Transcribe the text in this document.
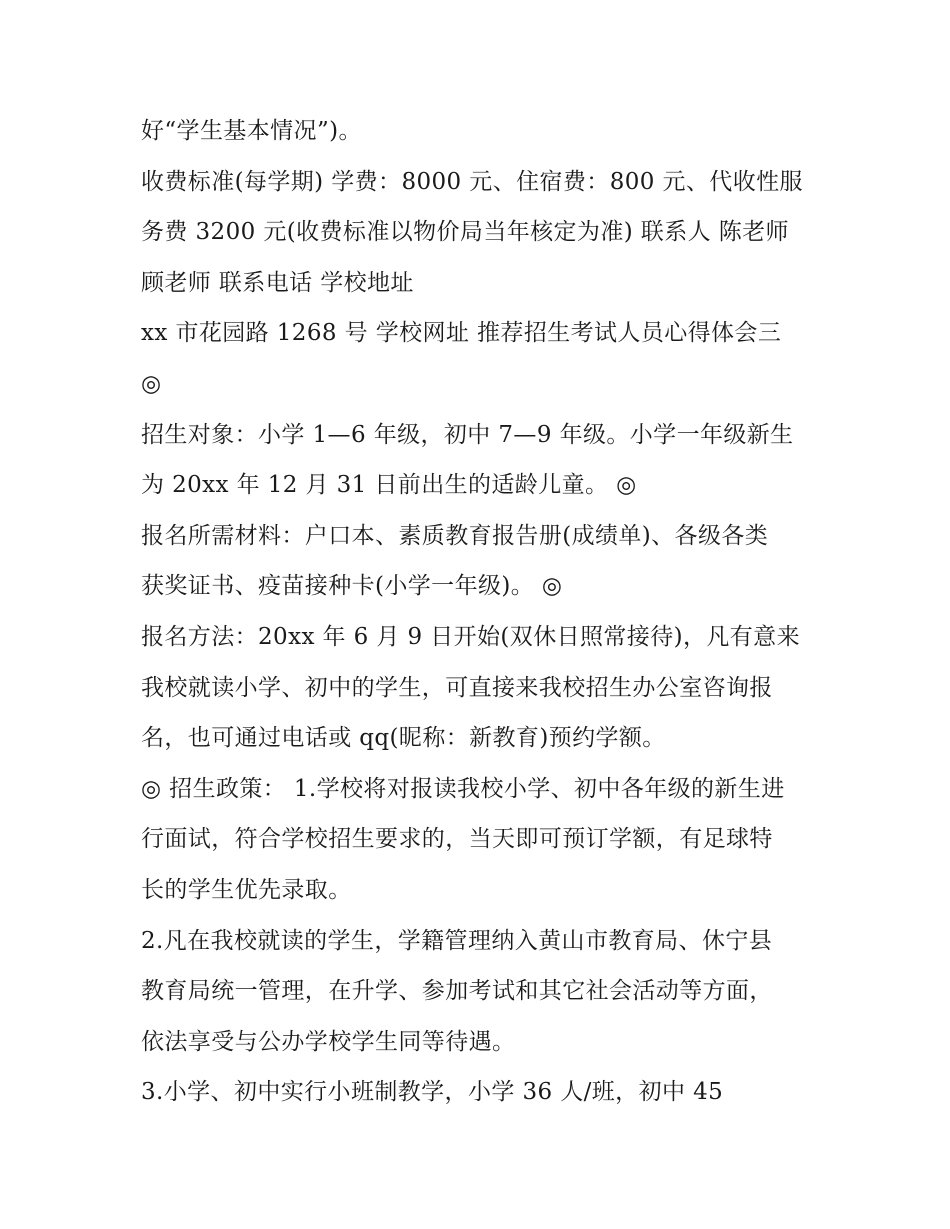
好“学生基本情况”)。
收费标准(每学期) 学费：8000 元、住宿费：800 元、代收性服
务费 3200 元(收费标准以物价局当年核定为准) 联系人 陈老师
顾老师 联系电话 学校地址
xx 市花园路 1268 号 学校网址 推荐招生考试人员心得体会三
◎
招生对象：小学 1—6 年级，初中 7—9 年级。小学一年级新生
为 20xx 年 12 月 31 日前出生的适龄儿童。 ◎
报名所需材料：户口本、素质教育报告册(成绩单)、各级各类
获奖证书、疫苗接种卡(小学一年级)。 ◎
报名方法：20xx 年 6 月 9 日开始(双休日照常接待)，凡有意来
我校就读小学、初中的学生，可直接来我校招生办公室咨询报
名，也可通过电话或 qq(昵称：新教育)预约学额。
◎ 招生政策： 1.学校将对报读我校小学、初中各年级的新生进
行面试，符合学校招生要求的，当天即可预订学额，有足球特
长的学生优先录取。
2.凡在我校就读的学生，学籍管理纳入黄山市教育局、休宁县
教育局统一管理，在升学、参加考试和其它社会活动等方面，
依法享受与公办学校学生同等待遇。
3.小学、初中实行小班制教学，小学 36 人/班，初中 45
